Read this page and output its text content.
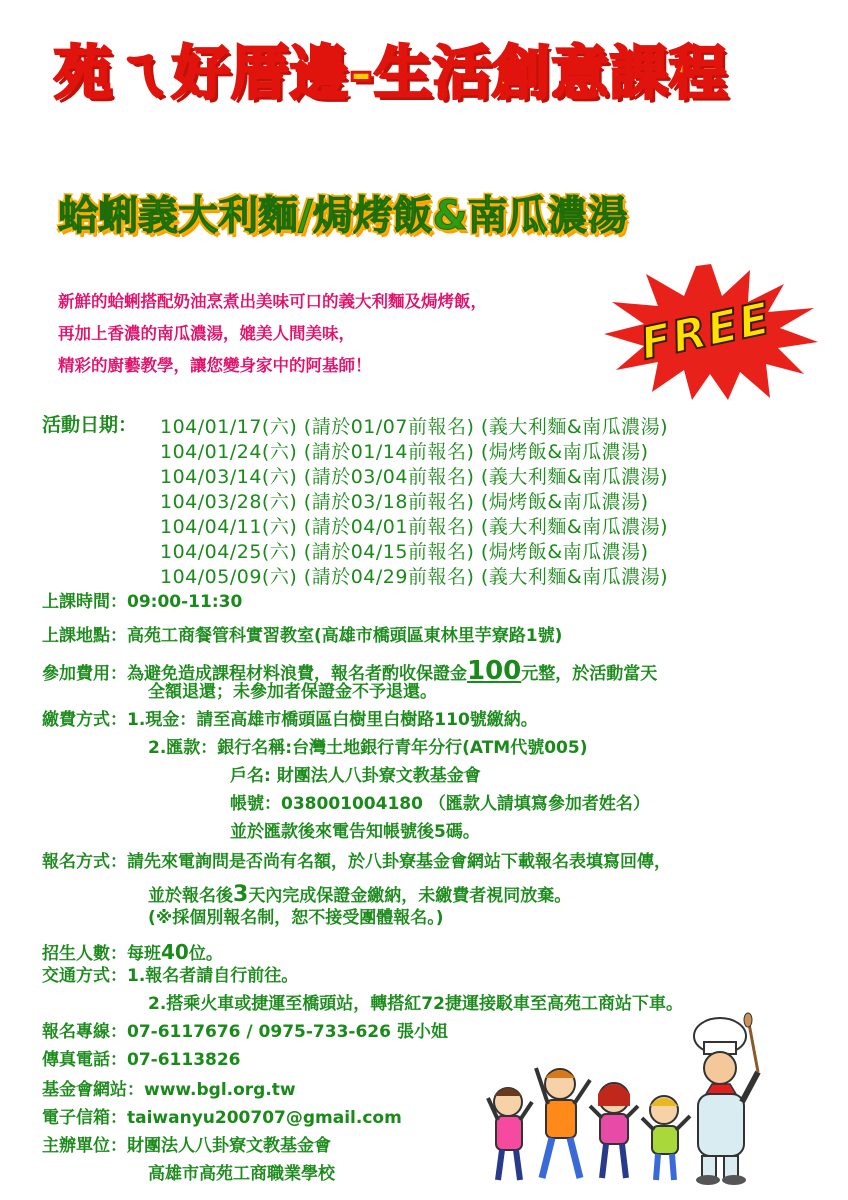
苑ㄟ好厝邊-生活創意課程
蛤蜊義大利麵/焗烤飯&南瓜濃湯
新鮮的蛤蜊搭配奶油烹煮出美味可口的義大利麵及焗烤飯，
再加上香濃的南瓜濃湯，媲美人間美味，
精彩的廚藝教學，讓您變身家中的阿基師！	FREE
活動日期： 104/01/17(六) (請於01/07前報名) (義大利麵&南瓜濃湯)
104/01/24(六) (請於01/14前報名) (焗烤飯&南瓜濃湯)
104/03/14(六) (請於03/04前報名) (義大利麵&南瓜濃湯)
104/03/28(六) (請於03/18前報名) (焗烤飯&南瓜濃湯)
104/04/11(六) (請於04/01前報名) (義大利麵&南瓜濃湯)
104/04/25(六) (請於04/15前報名) (焗烤飯&南瓜濃湯)
104/05/09(六) (請於04/29前報名) (義大利麵&南瓜濃湯)
上課時間：09:00-11:30
上課地點：高苑工商餐管科實習教室(高雄市橋頭區東林里芋寮路1號)
參加費用：為避免造成課程材料浪費，報名者酌收保證金100元整，於活動當天
全額退還；未參加者保證金不予退還。
繳費方式：1.現金：請至高雄市橋頭區白樹里白樹路110號繳納。
2.匯款：銀行名稱:台灣土地銀行青年分行(ATM代號005)
戶名: 財團法人八卦寮文教基金會
帳號：038001004180 （匯款人請填寫參加者姓名）
並於匯款後來電告知帳號後5碼。
報名方式：請先來電詢問是否尚有名額，於八卦寮基金會網站下載報名表填寫回傳，
並於報名後3天內完成保證金繳納，未繳費者視同放棄。
(※採個別報名制，恕不接受團體報名。)
招生人數：每班40位。
交通方式：1.報名者請自行前往。
2.搭乘火車或捷運至橋頭站，轉搭紅72捷運接駁車至高苑工商站下車。
報名專線：07-6117676 / 0975-733-626 張小姐
傳真電話：07-6113826
基金會網站：www.bgl.org.tw
電子信箱：taiwanyu200707@gmail.com
主辦單位：財團法人八卦寮文教基金會
高雄市高苑工商職業學校
